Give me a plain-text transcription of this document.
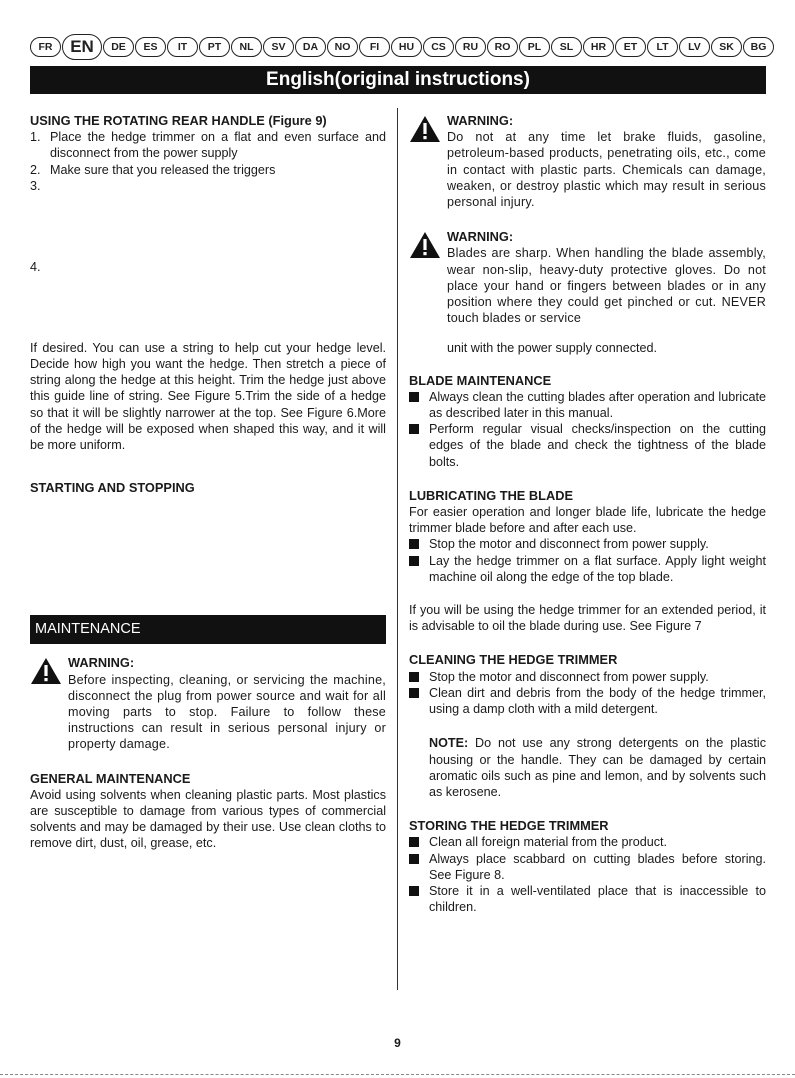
FR	EN	DE	ES	IT	PT	NL	SV	DA	NO	FI	HU	CS	RU	RO	PL	SL	HR	ET	LT	LV	SK	BG
English(original instructions)
USING THE ROTATING REAR HANDLE (Figure 9)
1. Place the hedge trimmer on a flat and even surface and disconnect from the power supply
2. Make sure that you released the triggers
3.
4.

If desired. You can use a string to help cut your hedge level. Decide how high you want the hedge. Then stretch a piece of string along the hedge at this height. Trim the hedge just above this guide line of string. See Figure 5.Trim the side of a hedge so that it will be slightly narrower at the top. See Figure 6.More of the hedge will be exposed when shaped this way, and it will be more uniform.

STARTING AND STOPPING
MAINTENANCE
WARNING:
Before inspecting, cleaning, or servicing the machine, disconnect the plug from power source and wait for all moving parts to stop. Failure to follow these instructions can result in serious personal injury or property damage.
GENERAL MAINTENANCE

Avoid using solvents when cleaning plastic parts. Most plastics are susceptible to damage from various types of commercial solvents and may be damaged by their use. Use clean cloths to remove dirt, dust, oil, grease, etc.

WARNING:
Do not at any time let brake fluids, gasoline, petroleum-based products, penetrating oils, etc., come in contact with plastic parts. Chemicals can damage, weaken, or destroy plastic which may result in serious personal injury.
WARNING:
Blades are sharp. When handling the blade assembly, wear non-slip, heavy-duty protective gloves. Do not place your hand or fingers between blades or in any position where they could get pinched or cut. NEVER touch blades or service
unit with the power supply connected.
BLADE MAINTENANCE
Always clean the cutting blades after operation and lubricate as described later in this manual.
Perform regular visual checks/inspection on the cutting edges of the blade and check the tightness of the blade bolts.
LUBRICATING THE BLADE

For easier operation and longer blade life, lubricate the hedge trimmer blade before and after each use.

Stop the motor and disconnect from power supply.
Lay the hedge trimmer on a flat surface. Apply light weight machine oil along the edge of the top blade.

If you will be using the hedge trimmer for an extended period, it is advisable to oil the blade during use. See Figure 7

CLEANING THE HEDGE TRIMMER
Stop the motor and disconnect from power supply.
Clean dirt and debris from the body of the hedge trimmer, using a damp cloth with a mild detergent.

NOTE: Do not use any strong detergents on the plastic housing or the handle. They can be damaged by certain aromatic oils such as pine and lemon, and by solvents such as kerosene.

STORING THE HEDGE TRIMMER
Clean all foreign material from the product.
Always place scabbard on cutting blades before storing. See Figure 8.
Store it in a well-ventilated place that is inaccessible to children.
9
